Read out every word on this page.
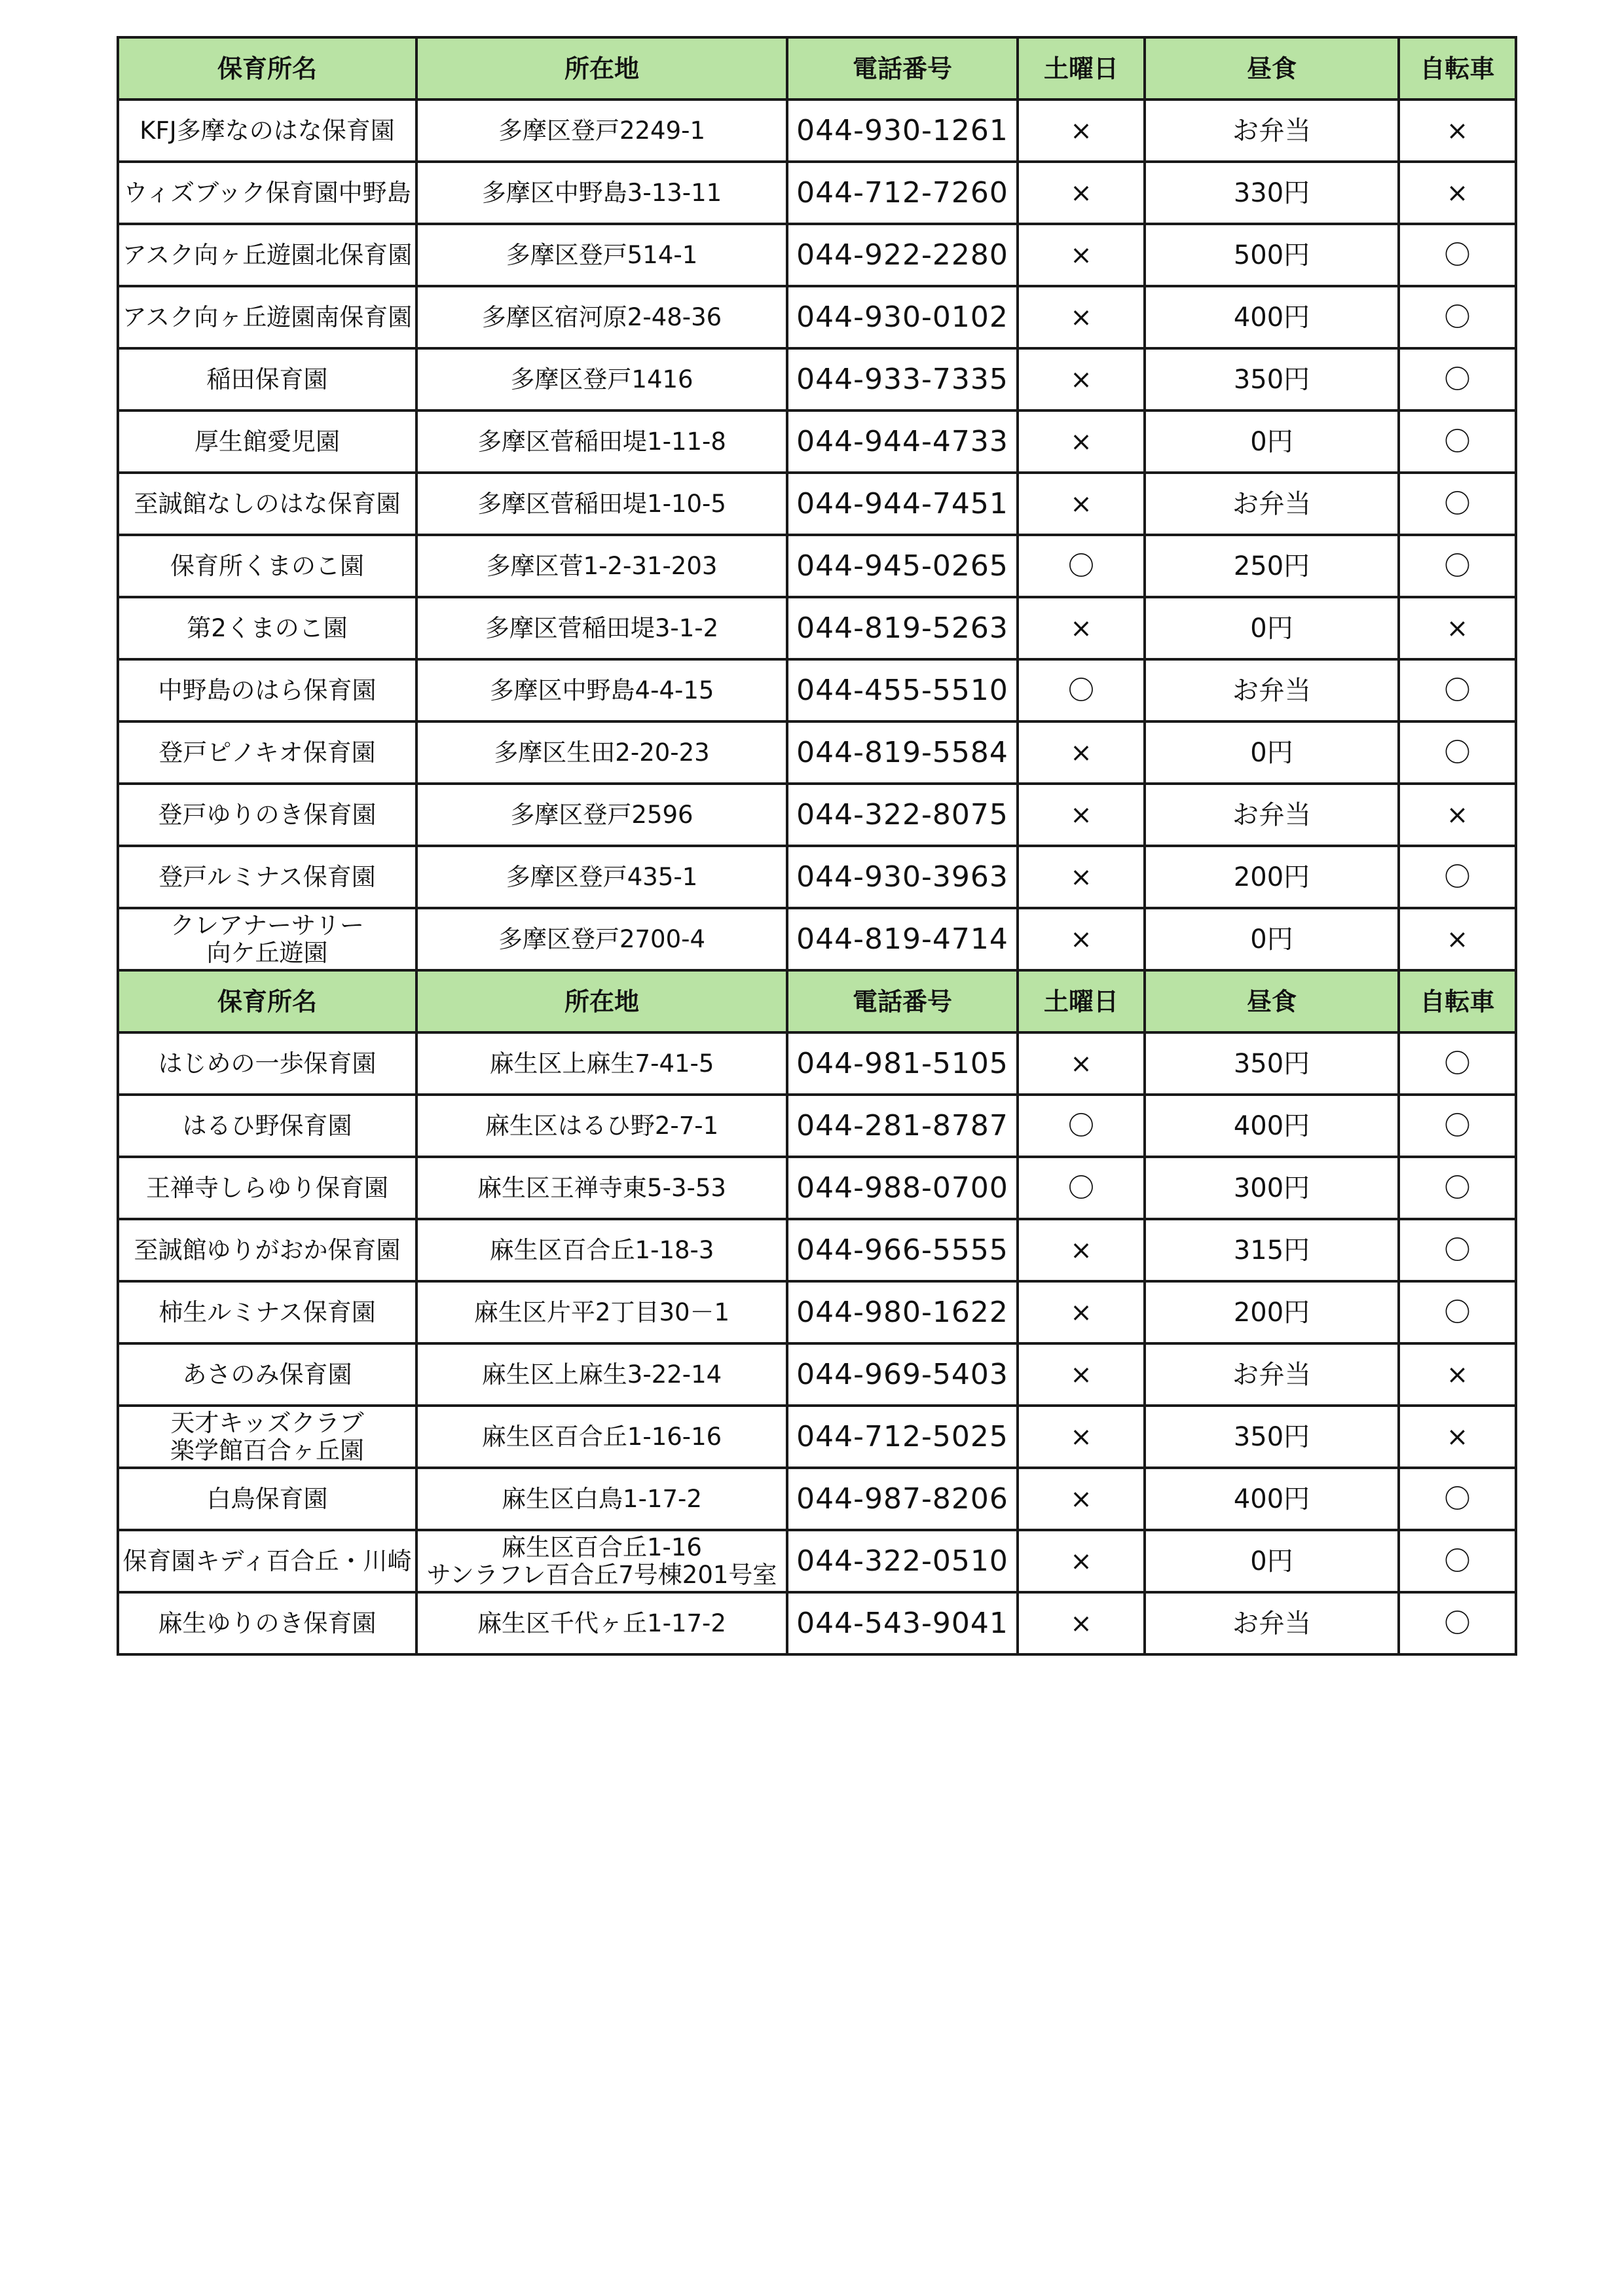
保育所名	所在地	電話番号	土曜日	昼食	自転車

KFJ多摩なのはな保育園	多摩区登戸2249-1	044-930-1261	×	お弁当	×

ウィズブック保育園中野島	多摩区中野島3-13-11	044-712-7260	×	330円	×

アスク向ヶ丘遊園北保育園	多摩区登戸514-1	044-922-2280	×	500円	〇

アスク向ヶ丘遊園南保育園	多摩区宿河原2-48-36	044-930-0102	×	400円	〇

稲田保育園	多摩区登戸1416	044-933-7335	×	350円	〇

厚生館愛児園	多摩区菅稲田堤1-11-8	044-944-4733	×	0円	〇

至誠館なしのはな保育園	多摩区菅稲田堤1-10-5	044-944-7451	×	お弁当	〇

保育所くまのこ園	多摩区菅1-2-31-203	044-945-0265	〇	250円	〇

第2くまのこ園	多摩区菅稲田堤3-1-2	044-819-5263	×	0円	×

中野島のはら保育園	多摩区中野島4-4-15	044-455-5510	〇	お弁当	〇

登戸ピノキオ保育園	多摩区生田2-20-23	044-819-5584	×	0円	〇

登戸ゆりのき保育園	多摩区登戸2596	044-322-8075	×	お弁当	×

登戸ルミナス保育園	多摩区登戸435-1	044-930-3963	×	200円	〇

クレアナーサリー
向ケ丘遊園	多摩区登戸2700-4	044-819-4714	×	0円	×
保育所名	所在地	電話番号	土曜日	昼食	自転車

はじめの一歩保育園	麻生区上麻生7-41-5	044-981-5105	×	350円	〇

はるひ野保育園	麻生区はるひ野2-7-1	044-281-8787	〇	400円	〇

王禅寺しらゆり保育園	麻生区王禅寺東5-3-53	044-988-0700	〇	300円	〇

至誠館ゆりがおか保育園	麻生区百合丘1-18-3	044-966-5555	×	315円	〇

柿生ルミナス保育園	麻生区片平2丁目30－1	044-980-1622	×	200円	〇

あさのみ保育園	麻生区上麻生3-22-14	044-969-5403	×	お弁当	×

天才キッズクラブ
楽学館百合ヶ丘園	麻生区百合丘1-16-16	044-712-5025	×	350円	×

白鳥保育園	麻生区白鳥1-17-2	044-987-8206	×	400円	〇

保育園キディ百合丘・川崎	麻生区百合丘1-16
サンラフレ百合丘7号棟201号室	044-322-0510	×	0円	〇

麻生ゆりのき保育園	麻生区千代ヶ丘1-17-2	044-543-9041	×	お弁当	〇
